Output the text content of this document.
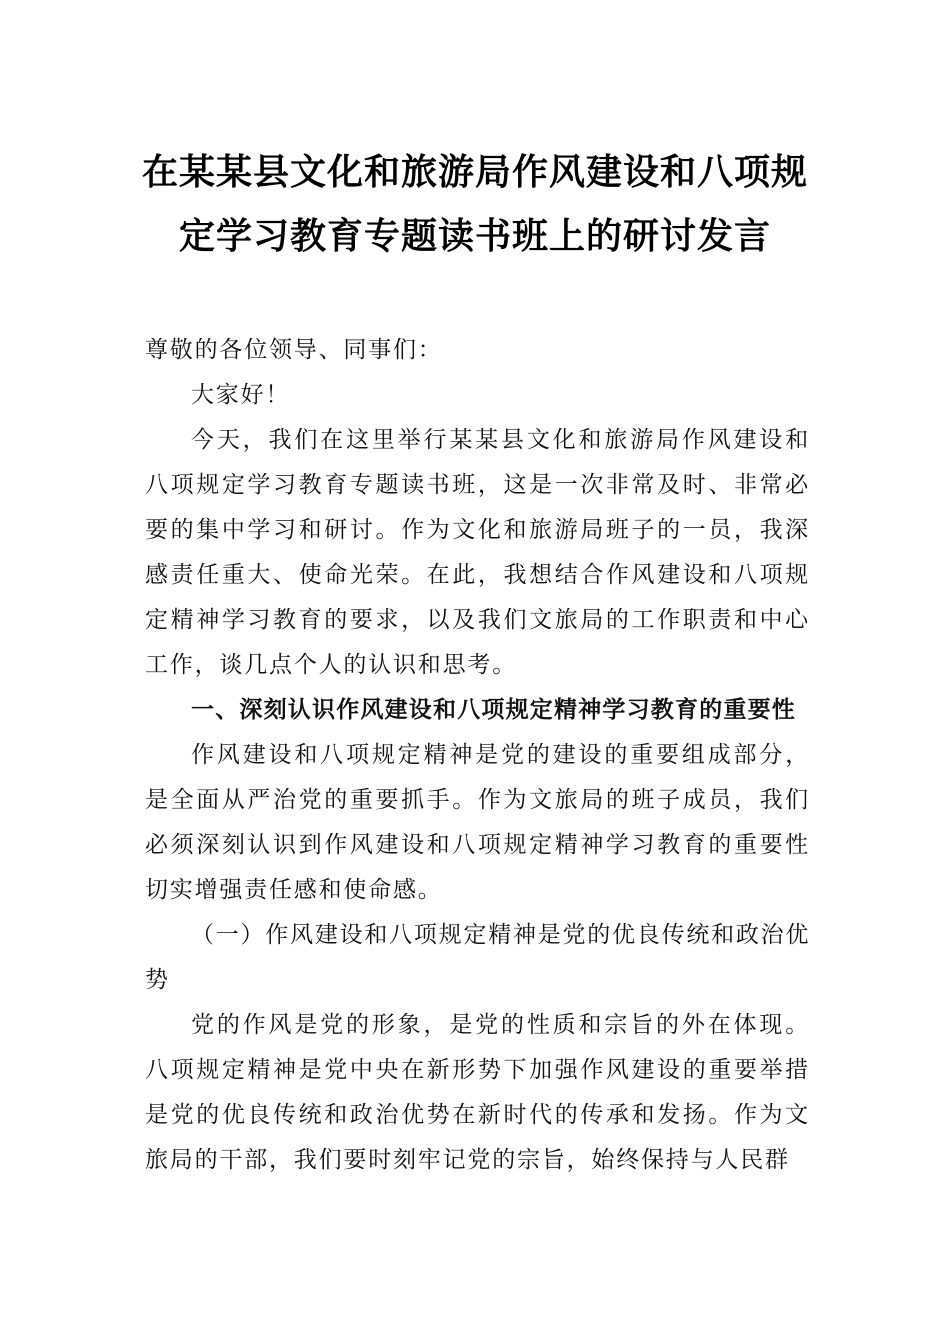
在某某县文化和旅游局作风建设和八项规
定学习教育专题读书班上的研讨发言

尊敬的各位领导、同事们：

大家好！

今天，我们在这里举行某某县文化和旅游局作风建设和八项规定学习教育专题读书班，这是一次非常及时、非常必要的集中学习和研讨。作为文化和旅游局班子的一员，我深感责任重大、使命光荣。在此，我想结合作风建设和八项规定精神学习教育的要求，以及我们文旅局的工作职责和中心工作，谈几点个人的认识和思考。

一、深刻认识作风建设和八项规定精神学习教育的重要性

作风建设和八项规定精神是党的建设的重要组成部分，是全面从严治党的重要抓手。作为文旅局的班子成员，我们必须深刻认识到作风建设和八项规定精神学习教育的重要性切实增强责任感和使命感。

（一）作风建设和八项规定精神是党的优良传统和政治优势

党的作风是党的形象，是党的性质和宗旨的外在体现。八项规定精神是党中央在新形势下加强作风建设的重要举措是党的优良传统和政治优势在新时代的传承和发扬。作为文旅局的干部，我们要时刻牢记党的宗旨，始终保持与人民群
